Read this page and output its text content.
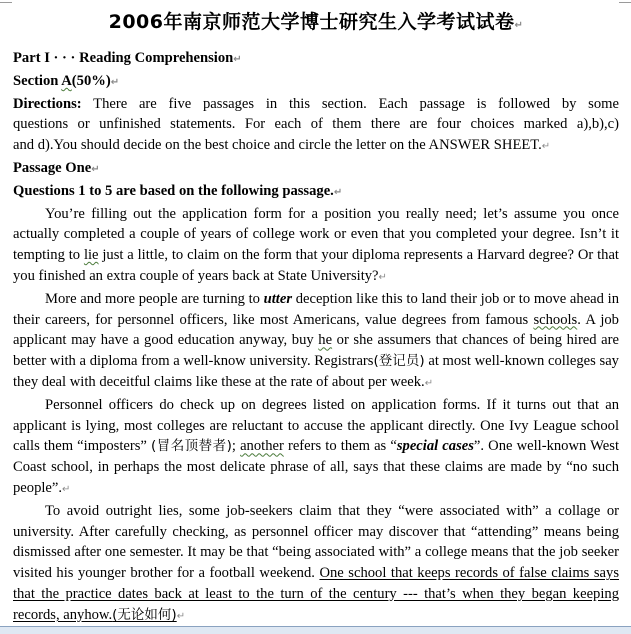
2006年南京师范大学博士研究生入学考试试卷↵

Part I · · · Reading Comprehension↵

Section A(50%)↵

Directions: There are five passages in this section. Each passage is followed by some
questions or unfinished statements. For each of them there are four choices marked a),b),c)
and d).You should decide on the best choice and circle the letter on the ANSWER SHEET.↵

Passage One↵

Questions 1 to 5 are based on the following passage.↵

You’re filling out the application form for a position you really need; let’s assume you once actually completed a couple of years of college work or even that you completed your degree. Isn’t it tempting to lie just a little, to claim on the form that your diploma represents a Harvard degree? Or that you finished an extra couple of years back at State University?↵

More and more people are turning to utter deception like this to land their job or to move ahead in their careers, for personnel officers, like most Americans, value degrees from famous schools. A job applicant may have a good education anyway, buy he or she assumers that chances of being hired are better with a diploma from a well-know university. Registrars(登记员) at most well-known colleges say they deal with deceitful claims like these at the rate of about per week.↵

Personnel officers do check up on degrees listed on application forms. If it turns out that an applicant is lying, most colleges are reluctant to accuse the applicant directly. One Ivy League school calls them “imposters” (冒名顶替者); another refers to them as “special cases”. One well-known West Coast school, in perhaps the most delicate phrase of all, says that these claims are made by “no such people”.↵

To avoid outright lies, some job-seekers claim that they “were associated with” a collage or university. After carefully checking, as personnel officer may discover that “attending” means being dismissed after one semester. It may be that “being associated with” a college means that the job seeker visited his younger brother for a football weekend. One school that keeps records of false claims says that the practice dates back at least to the turn of the century --- that’s when they began keeping records, anyhow.(无论如何)↵
